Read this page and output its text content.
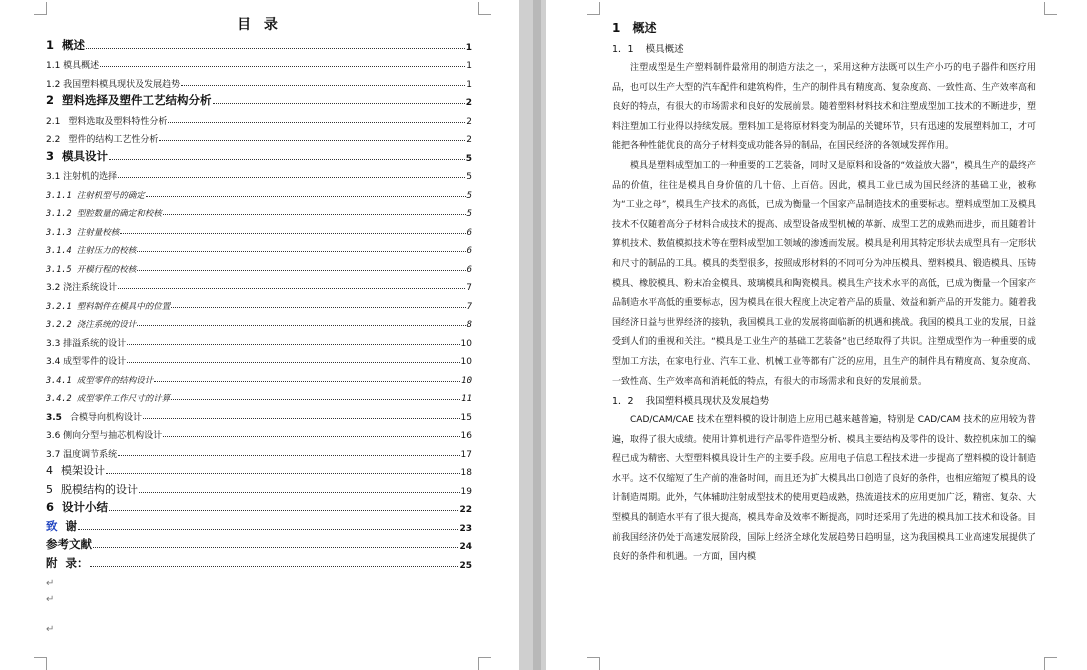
目 录
1 概述	1
1.1 模具概述	1
1.2 我国塑料模具现状及发展趋势	1
2 塑料选择及塑件工艺结构分析	2
2.1 塑料选取及塑料特性分析	2
2.2 塑件的结构工艺性分析	2
3 模具设计	5
3.1 注射机的选择	5
3.1.1 注射机型号的确定	5
3.1.2 型腔数量的确定和校核	5
3.1.3 注射量校核	6
3.1.4 注射压力的校核	6
3.1.5 开模行程的校核	6
3.2 浇注系统设计	7
3.2.1 塑料制件在模具中的位置	7
3.2.2 浇注系统的设计	8
3.3 排溢系统的设计	10
3.4 成型零件的设计	10
3.4.1 成型零件的结构设计	10
3.4.2 成型零件工作尺寸的计算	11
3.5 合模导向机构设计	15
3.6 侧向分型与抽芯机构设计	16
3.7 温度调节系统	17
4 模架设计	18
5 脱模结构的设计	19
6 设计小结	22
致 谢	23
参考文献	24
附 录：	25
↵
↵
↵
1 概述
1．1 模具概述

注塑成型是生产塑料制件最常用的制造方法之一，采用这种方法既可以生产小巧的电子器件和医疗用品，也可以生产大型的汽车配件和建筑构件，生产的制件具有精度高、复杂度高、一致性高、生产效率高和良好的特点，有很大的市场需求和良好的发展前景。随着塑料材料技术和注塑成型加工技术的不断进步，塑料注塑加工行业得以持续发展。塑料加工是将原材料变为制品的关键环节，只有迅速的发展塑料加工，才可能把各种性能优良的高分子材料变成功能各异的制品，在国民经济的各领域发挥作用。

模具是塑料成型加工的一种重要的工艺装备，同时又是原料和设备的“效益放大器”，模具生产的最终产品的价值，往往是模具自身价值的几十倍、上百倍。因此，模具工业已成为国民经济的基础工业，被称为“工业之母”，模具生产技术的高低，已成为衡量一个国家产品制造技术的重要标志。塑料成型加工及模具技术不仅随着高分子材料合成技术的提高、成型设备成型机械的革新、成型工艺的成熟而进步，而且随着计算机技术、数值模拟技术等在塑料成型加工领域的渗透而发展。模具是利用其特定形状去成型具有一定形状和尺寸的制品的工具。模具的类型很多，按照成形材料的不同可分为冲压模具、塑料模具、锻造模具、压铸模具、橡胶模具、粉末冶金模具、玻璃模具和陶瓷模具。模具生产技术水平的高低，已成为衡量一个国家产品制造水平高低的重要标志，因为模具在很大程度上决定着产品的质量、效益和新产品的开发能力。随着我国经济日益与世界经济的接轨，我国模具工业的发展将面临新的机遇和挑战。我国的模具工业的发展，日益受到人们的重视和关注。“模具是工业生产的基础工艺装备”也已经取得了共识。注塑成型作为一种重要的成型加工方法，在家电行业、汽车工业、机械工业等都有广泛的应用，且生产的制件具有精度高、复杂度高、一致性高、生产效率高和消耗低的特点，有很大的市场需求和良好的发展前景。

1．2 我国塑料模具现状及发展趋势

CAD/CAM/CAE 技术在塑料模的设计制造上应用已越来越普遍，特别是 CAD/CAM 技术的应用较为普遍，取得了很大成绩。使用计算机进行产品零件造型分析、模具主要结构及零件的设计、数控机床加工的编程已成为精密、大型塑料模具设计生产的主要手段。应用电子信息工程技术进一步提高了塑料模的设计制造水平。这不仅缩短了生产前的准备时间，而且还为扩大模具出口创造了良好的条件，也相应缩短了模具的设计制造周期。此外，气体辅助注射成型技术的使用更趋成熟，热流道技术的应用更加广泛，精密、复杂、大型模具的制造水平有了很大提高，模具寿命及效率不断提高，同时还采用了先进的模具加工技术和设备。目前我国经济仍处于高速发展阶段，国际上经济全球化发展趋势日趋明显，这为我国模具工业高速发展提供了良好的条件和机遇。一方面，国内模
